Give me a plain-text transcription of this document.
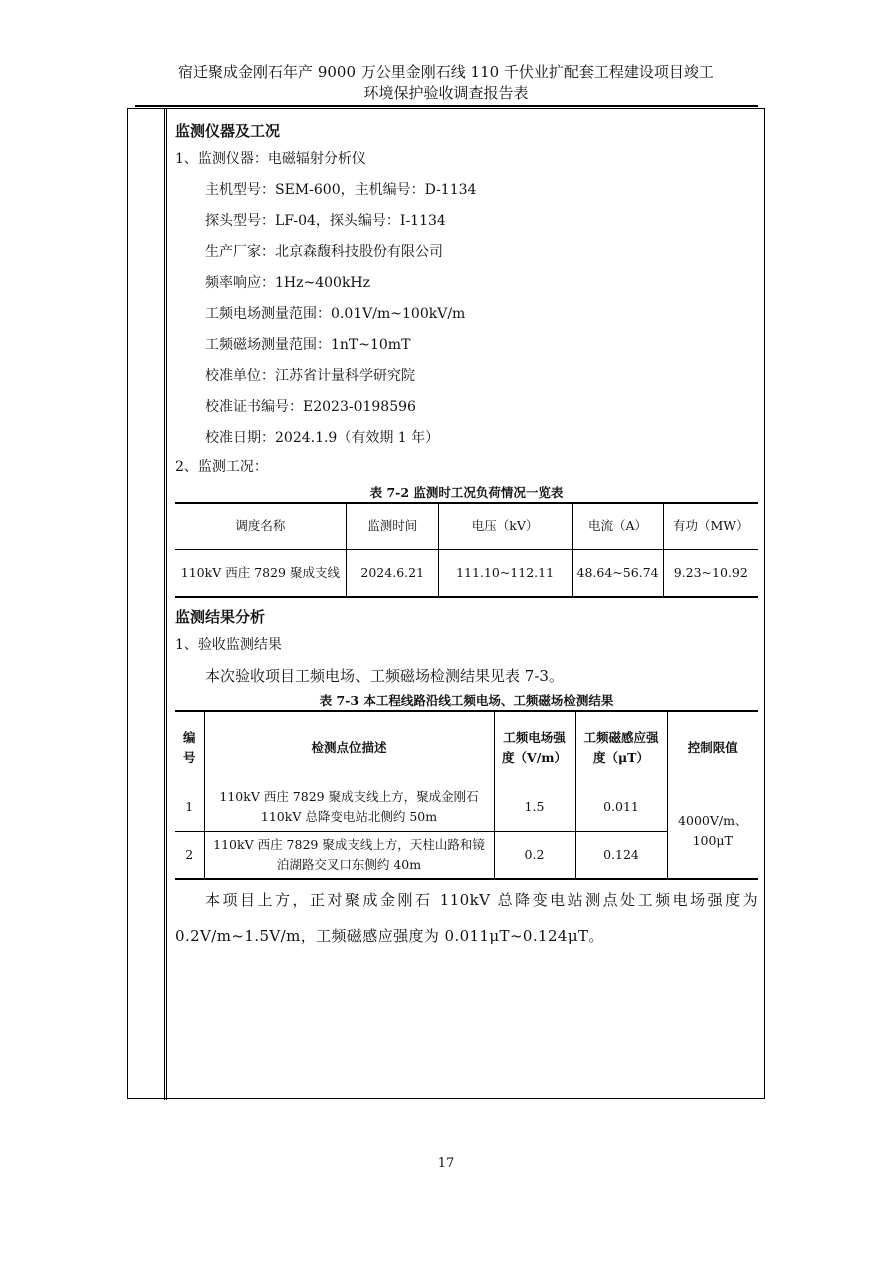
宿迁聚成金刚石年产 9000 万公里金刚石线 110 千伏业扩配套工程建设项目竣工
环境保护验收调查报告表
监测仪器及工况
1、监测仪器：电磁辐射分析仪
主机型号：SEM-600，主机编号：D-1134
探头型号：LF-04，探头编号：I-1134
生产厂家：北京森馥科技股份有限公司
频率响应：1Hz~400kHz
工频电场测量范围：0.01V/m~100kV/m
工频磁场测量范围：1nT~10mT
校准单位：江苏省计量科学研究院
校准证书编号：E2023-0198596
校准日期：2024.1.9（有效期 1 年）
2、监测工况：
表 7-2 监测时工况负荷情况一览表
调度名称	监测时间	电压（kV）	电流（A）	有功（MW）
110kV 西庄 7829 聚成支线	2024.6.21	111.10~112.11	48.64~56.74	9.23~10.92
监测结果分析
1、验收监测结果
本次验收项目工频电场、工频磁场检测结果见表 7-3。
表 7-3 本工程线路沿线工频电场、工频磁场检测结果
编号	检测点位描述	工频电场强度（V/m）	工频磁感应强度（μT）	控制限值
1	110kV 西庄 7829 聚成支线上方，聚成金刚石 110kV 总降变电站北侧约 50m	1.5	0.011	4000V/m、100μT
2	110kV 西庄 7829 聚成支线上方，天柱山路和镜泊湖路交叉口东侧约 40m	0.2	0.124	
本项目上方，正对聚成金刚石 110kV 总降变电站测点处工频电场强度为 0.2V/m~1.5V/m，工频磁感应强度为 0.011μT~0.124μT。
17
